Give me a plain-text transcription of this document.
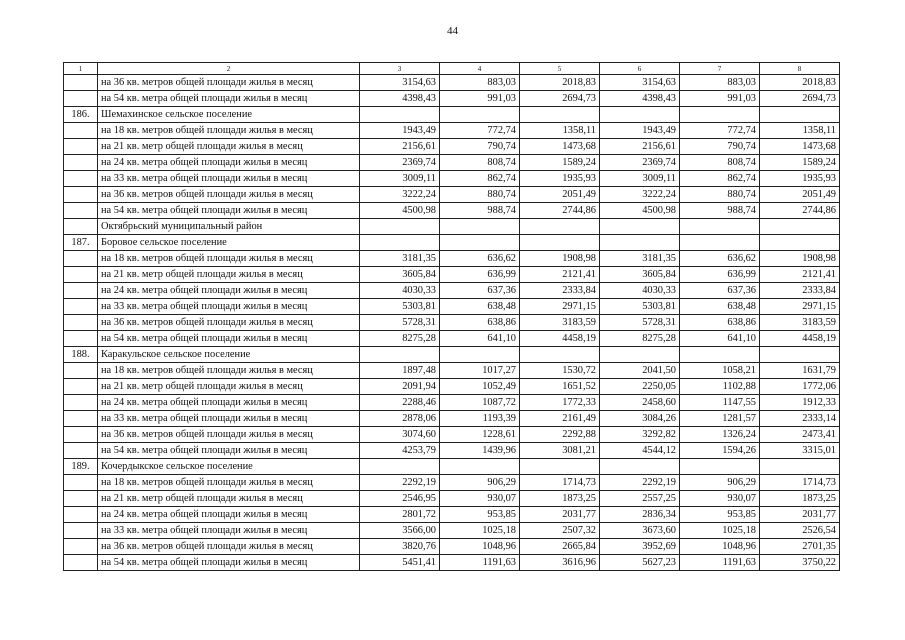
44
1	2	3	4	5	6	7	8
	на 36 кв. метров общей площади жилья в месяц	3154,63	883,03	2018,83	3154,63	883,03	2018,83
	на 54 кв. метра общей площади жилья в месяц	4398,43	991,03	2694,73	4398,43	991,03	2694,73
186.	Шемахинское сельское поселение						
	на 18 кв. метров общей площади жилья в месяц	1943,49	772,74	1358,11	1943,49	772,74	1358,11
	на 21 кв. метр общей площади жилья в месяц	2156,61	790,74	1473,68	2156,61	790,74	1473,68
	на 24 кв. метра общей площади жилья в месяц	2369,74	808,74	1589,24	2369,74	808,74	1589,24
	на 33 кв. метра общей площади жилья в месяц	3009,11	862,74	1935,93	3009,11	862,74	1935,93
	на 36 кв. метров общей площади жилья в месяц	3222,24	880,74	2051,49	3222,24	880,74	2051,49
	на 54 кв. метра общей площади жилья в месяц	4500,98	988,74	2744,86	4500,98	988,74	2744,86
	Октябрьский муниципальный район						
187.	Боровое сельское поселение						
	на 18 кв. метров общей площади жилья в месяц	3181,35	636,62	1908,98	3181,35	636,62	1908,98
	на 21 кв. метр общей площади жилья в месяц	3605,84	636,99	2121,41	3605,84	636,99	2121,41
	на 24 кв. метра общей площади жилья в месяц	4030,33	637,36	2333,84	4030,33	637,36	2333,84
	на 33 кв. метра общей площади жилья в месяц	5303,81	638,48	2971,15	5303,81	638,48	2971,15
	на 36 кв. метров общей площади жилья в месяц	5728,31	638,86	3183,59	5728,31	638,86	3183,59
	на 54 кв. метра общей площади жилья в месяц	8275,28	641,10	4458,19	8275,28	641,10	4458,19
188.	Каракульское сельское поселение						
	на 18 кв. метров общей площади жилья в месяц	1897,48	1017,27	1530,72	2041,50	1058,21	1631,79
	на 21 кв. метр общей площади жилья в месяц	2091,94	1052,49	1651,52	2250,05	1102,88	1772,06
	на 24 кв. метра общей площади жилья в месяц	2288,46	1087,72	1772,33	2458,60	1147,55	1912,33
	на 33 кв. метра общей площади жилья в месяц	2878,06	1193,39	2161,49	3084,26	1281,57	2333,14
	на 36 кв. метров общей площади жилья в месяц	3074,60	1228,61	2292,88	3292,82	1326,24	2473,41
	на 54 кв. метра общей площади жилья в месяц	4253,79	1439,96	3081,21	4544,12	1594,26	3315,01
189.	Кочердыкское сельское поселение						
	на 18 кв. метров общей площади жилья в месяц	2292,19	906,29	1714,73	2292,19	906,29	1714,73
	на 21 кв. метр общей площади жилья в месяц	2546,95	930,07	1873,25	2557,25	930,07	1873,25
	на 24 кв. метра общей площади жилья в месяц	2801,72	953,85	2031,77	2836,34	953,85	2031,77
	на 33 кв. метра общей площади жилья в месяц	3566,00	1025,18	2507,32	3673,60	1025,18	2526,54
	на 36 кв. метров общей площади жилья в месяц	3820,76	1048,96	2665,84	3952,69	1048,96	2701,35
	на 54 кв. метра общей площади жилья в месяц	5451,41	1191,63	3616,96	5627,23	1191,63	3750,22
